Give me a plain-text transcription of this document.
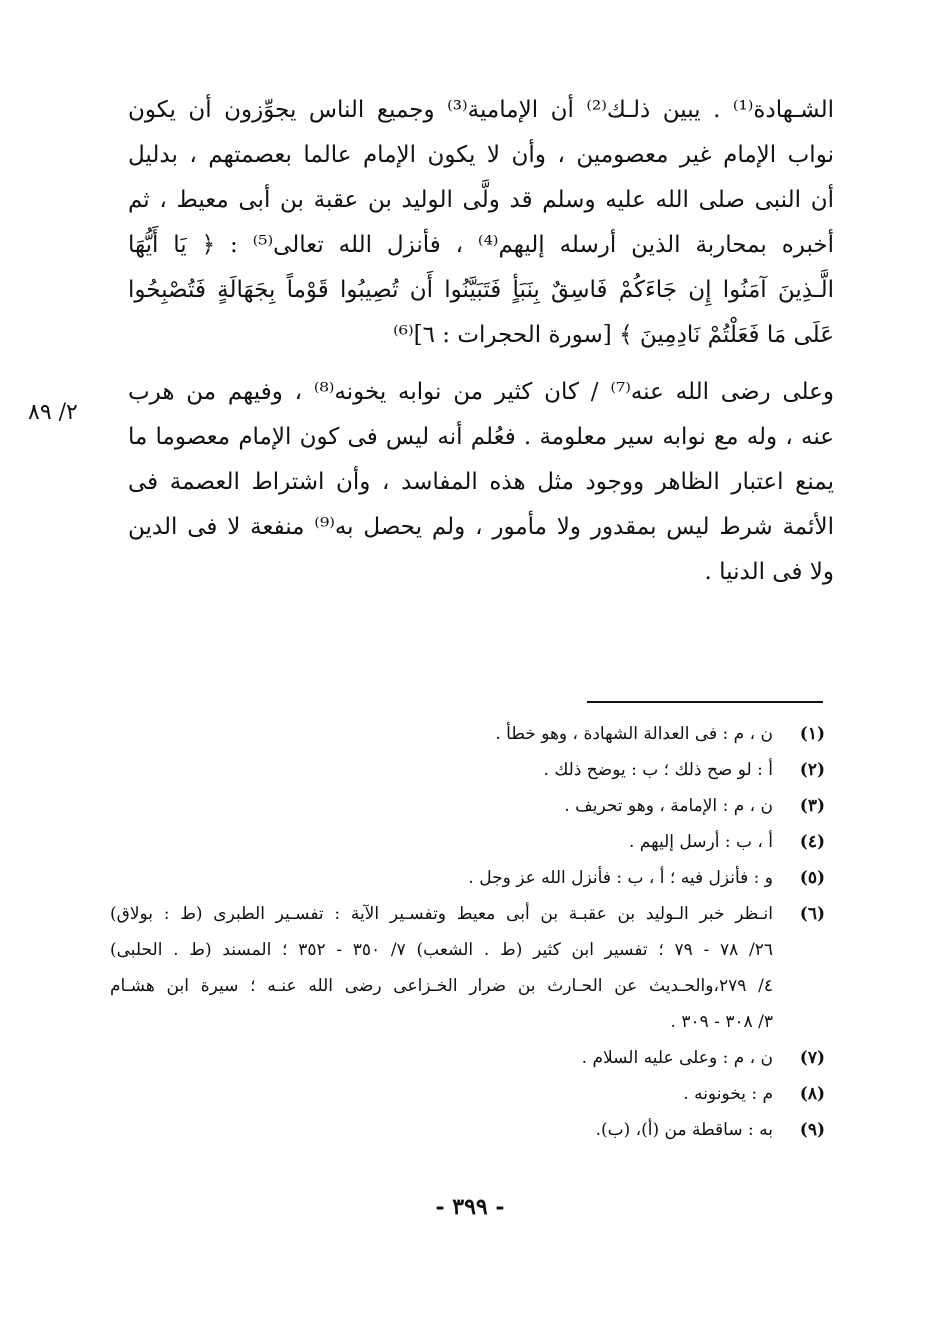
الشـهادة⁽¹⁾ . يبين ذلـك⁽²⁾ أن الإمامية⁽³⁾ وجميع الناس يجوِّزون أن يكون
نواب الإمام غير معصومين ، وأن لا يكون الإمام عالما بعصمتهم ، بدليل
أن النبى صلى الله عليه وسلم قد ولَّى الوليد بن عقبة بن أبى معيط ، ثم
أخبره بمحاربة الذين أرسله إليهم⁽⁴⁾ ، فأنزل الله تعالى⁽⁵⁾ : ﴿ يَا أَيُّهَا
الَّـذِينَ آمَنُوا إِن جَاءَكُمْ فَاسِقٌ بِنَبَأٍ فَتَبَيَّنُوا أَن تُصِيبُوا قَوْماً بِجَهَالَةٍ فَتُصْبِحُوا
عَلَى مَا فَعَلْتُمْ نَادِمِينَ ﴾ [سورة الحجرات : ٦]⁽⁶⁾
وعلى رضى الله عنه⁽⁷⁾ / كان كثير من نوابه يخونه⁽⁸⁾ ، وفيهم من هرب
عنه ، وله مع نوابه سير معلومة . فعُلم أنه ليس فى كون الإمام معصوما ما
يمنع اعتبار الظاهر ووجود مثل هذه المفاسد ، وأن اشتراط العصمة فى
الأئمة شرط ليس بمقدور ولا مأمور ، ولم يحصل به⁽⁹⁾ منفعة لا فى الدين
ولا فى الدنيا .
٢/ ٨٩
(١)
ن ، م : فى العدالة الشهادة ، وهو خطأ .
(٢)
أ : لو صح ذلك ؛ ب : يوضح ذلك .
(٣)
ن ، م : الإمامة ، وهو تحريف .
(٤)
أ ، ب : أرسل إليهم .
(٥)
و : فأنزل فيه ؛ أ ، ب : فأنزل الله عز وجل .
(٦)
انـظر خبر الـوليد بن عقبـة بن أبى معيط وتفسـير الآية : تفسـير الطبرى (ط : بولاق)
٢٦/ ٧٨ - ٧٩ ؛ تفسير ابن كثير (ط . الشعب) ٧/ ٣٥٠ - ٣٥٢ ؛ المسند (ط . الحلبى)
٤/ ٢٧٩،والحـديث عن الحـارث بن ضرار الخـزاعى رضى الله عنـه ؛ سيرة ابن هشـام
٣/ ٣٠٨ - ٣٠٩ .
(٧)
ن ، م : وعلى عليه السلام .
(٨)
م : يخونونه .
(٩)
به : ساقطة من (أ)، (ب).
- ٣٩٩ -
